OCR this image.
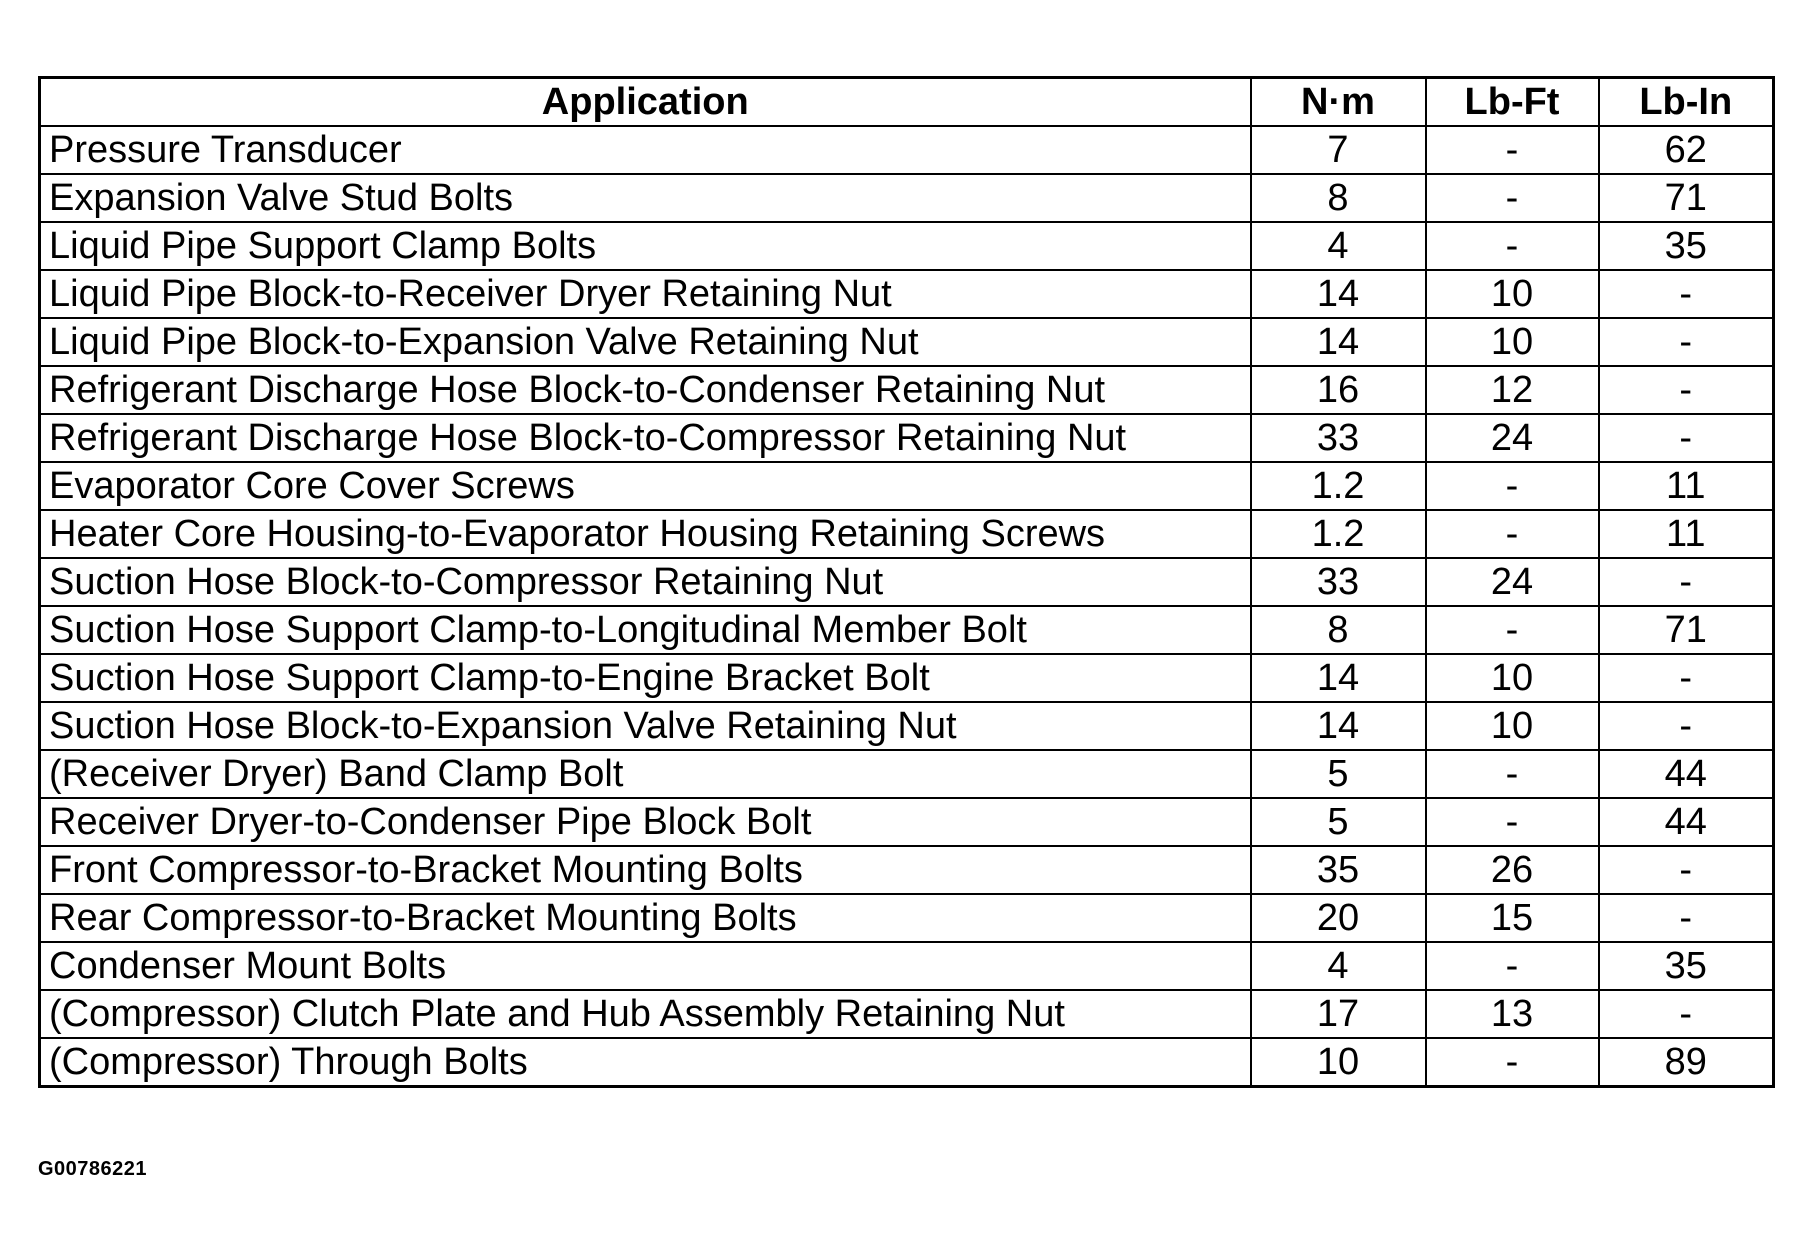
Application	N·m	Lb-Ft	Lb-In
Pressure Transducer	7	-	62
Expansion Valve Stud Bolts	8	-	71
Liquid Pipe Support Clamp Bolts	4	-	35
Liquid Pipe Block-to-Receiver Dryer Retaining Nut	14	10	-
Liquid Pipe Block-to-Expansion Valve Retaining Nut	14	10	-
Refrigerant Discharge Hose Block-to-Condenser Retaining Nut	16	12	-
Refrigerant Discharge Hose Block-to-Compressor Retaining Nut	33	24	-
Evaporator Core Cover Screws	1.2	-	11
Heater Core Housing-to-Evaporator Housing Retaining Screws	1.2	-	11
Suction Hose Block-to-Compressor Retaining Nut	33	24	-
Suction Hose Support Clamp-to-Longitudinal Member Bolt	8	-	71
Suction Hose Support Clamp-to-Engine Bracket Bolt	14	10	-
Suction Hose Block-to-Expansion Valve Retaining Nut	14	10	-
(Receiver Dryer) Band Clamp Bolt	5	-	44
Receiver Dryer-to-Condenser Pipe Block Bolt	5	-	44
Front Compressor-to-Bracket Mounting Bolts	35	26	-
Rear Compressor-to-Bracket Mounting Bolts	20	15	-
Condenser Mount Bolts	4	-	35
(Compressor) Clutch Plate and Hub Assembly Retaining Nut	17	13	-
(Compressor) Through Bolts	10	-	89
G00786221
